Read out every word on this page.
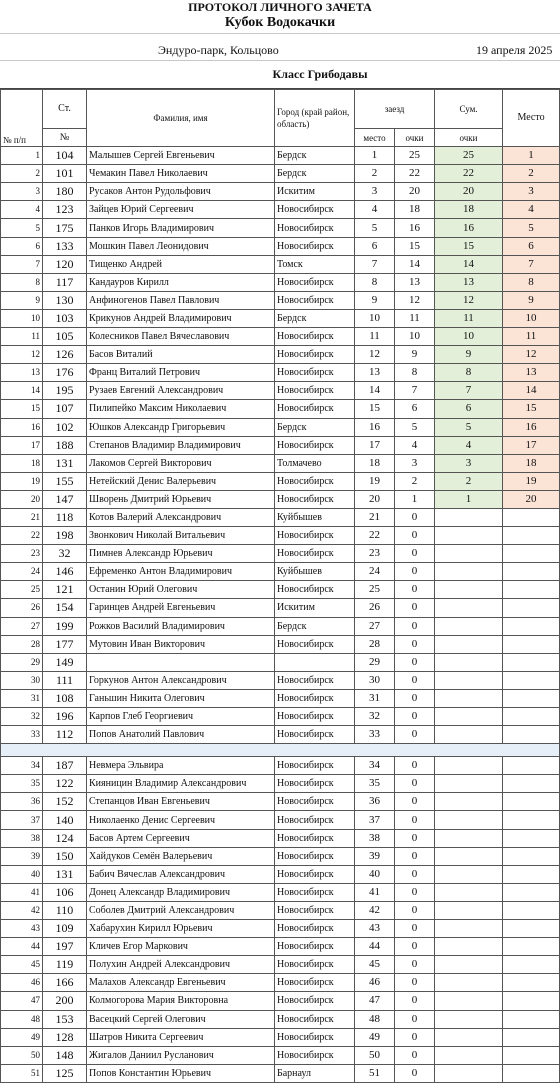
ПРОТОКОЛ ЛИЧНОГО ЗАЧЕТА
Кубок Водокачки
Эндуро-парк, Кольцово	19 апреля 2025
Класс Грибодавы
№ п/п	Ст.	Фамилия, имя	Город (край район, область)	заезд		Сум.	Место
	№			место	очки	очки	
1	104	Малышев Сергей Евгеньевич	Бердск	1	25	25	1
2	101	Чемакин Павел Николаевич	Бердск	2	22	22	2
3	180	Русаков Антон Рудольфович	Искитим	3	20	20	3
4	123	Зайцев Юрий Сергеевич	Новосибирск	4	18	18	4
5	175	Панков Игорь Владимирович	Новосибирск	5	16	16	5
6	133	Мошкин Павел Леонидович	Новосибирск	6	15	15	6
7	120	Тищенко Андрей	Томск	7	14	14	7
8	117	Кандауров Кирилл	Новосибирск	8	13	13	8
9	130	Анфиногенов Павел Павлович	Новосибирск	9	12	12	9
10	103	Крикунов Андрей Владимирович	Бердск	10	11	11	10
11	105	Колесников Павел Вячеславович	Новосибирск	11	10	10	11
12	126	Басов Виталий	Новосибирск	12	9	9	12
13	176	Франц Виталий Петрович	Новосибирск	13	8	8	13
14	195	Рузаев Евгений Александрович	Новосибирск	14	7	7	14
15	107	Пилипейко Максим Николаевич	Новосибирск	15	6	6	15
16	102	Юшков Александр Григорьевич	Бердск	16	5	5	16
17	188	Степанов Владимир Владимирович	Новосибирск	17	4	4	17
18	131	Лакомов Сергей Викторович	Толмачево	18	3	3	18
19	155	Нетейский Денис Валерьевич	Новосибирск	19	2	2	19
20	147	Шворень Дмитрий Юрьевич	Новосибирск	20	1	1	20
21	118	Котов Валерий Александрович	Куйбышев	21	0		
22	198	Звонкович Николай Витальевич	Новосибирск	22	0		
23	32	Пимнев Александр Юрьевич	Новосибирск	23	0		
24	146	Ефременко Антон Владимирович	Куйбышев	24	0		
25	121	Останин Юрий Олегович	Новосибирск	25	0		
26	154	Гаринцев Андрей Евгеньевич	Искитим	26	0		
27	199	Рожков Василий Владимирович	Бердск	27	0		
28	177	Мутовин Иван Викторович	Новосибирск	28	0		
29	149			29	0		
30	111	Горкунов Антон Александрович	Новосибирск	30	0		
31	108	Ганьшин Никита Олегович	Новосибирск	31	0		
32	196	Карпов Глеб Георгиевич	Новосибирск	32	0		
33	112	Попов Анатолий Павлович	Новосибирск	33	0		

34	187	Невмера Эльвира	Новосибирск	34	0		
35	122	Кияницин Владимир Александрович	Новосибирск	35	0		
36	152	Степанцов Иван Евгеньевич	Новосибирск	36	0		
37	140	Николаенко Денис Сергеевич	Новосибирск	37	0		
38	124	Басов Артем Сергеевич	Новосибирск	38	0		
39	150	Хайдуков Семён Валерьевич	Новосибирск	39	0		
40	131	Бабич Вячеслав Александрович	Новосибирск	40	0		
41	106	Донец Александр Владимирович	Новосибирск	41	0		
42	110	Соболев Дмитрий Александрович	Новосибирск	42	0		
43	109	Хабарухин Кирилл Юрьевич	Новосибирск	43	0		
44	197	Кличев Егор Маркович	Новосибирск	44	0		
45	119	Полухин Андрей Александрович	Новосибирск	45	0		
46	166	Малахов Александр Евгеньевич	Новосибирск	46	0		
47	200	Колмогорова Мария Викторовна	Новосибирск	47	0		
48	153	Васецкий Сергей Олегович	Новосибирск	48	0		
49	128	Шатров Никита Сергеевич	Новосибирск	49	0		
50	148	Жигалов Даниил Русланович	Новосибирск	50	0		
51	125	Попов Константин Юрьевич	Барнаул	51	0		
